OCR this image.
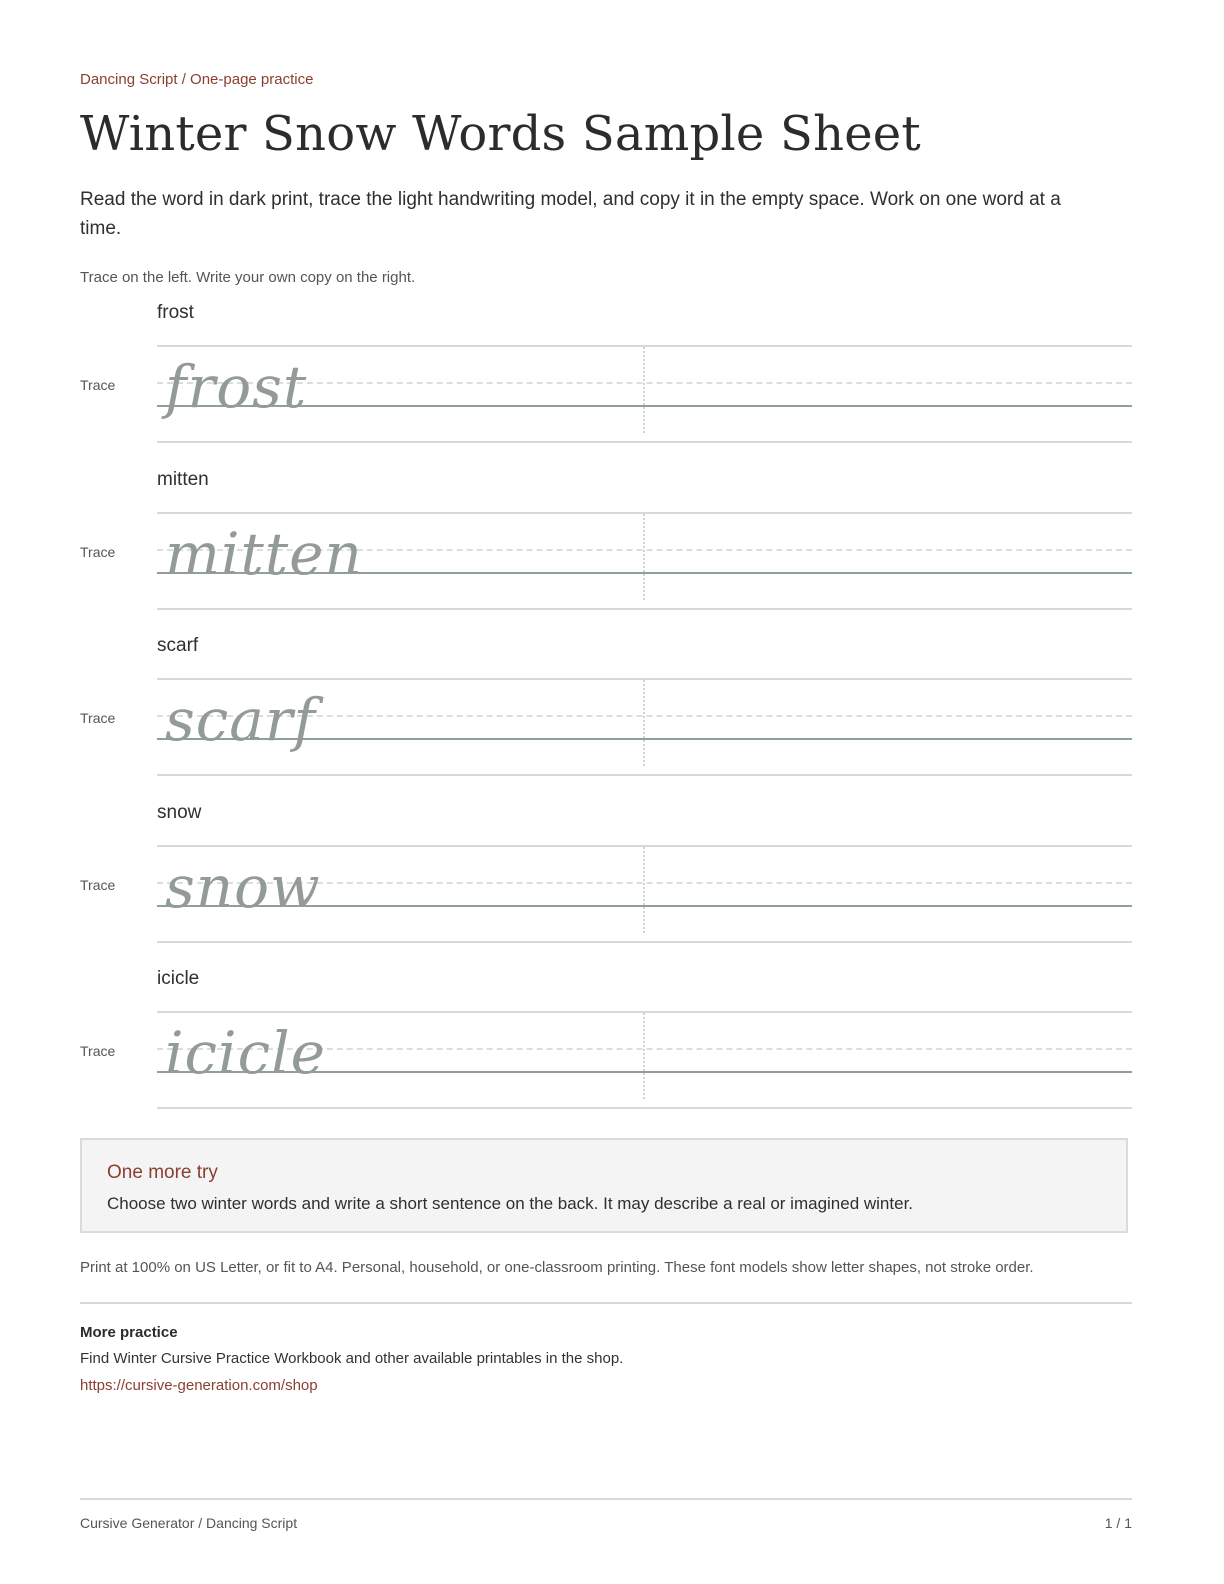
Dancing Script / One-page practice
Winter Snow Words Sample Sheet
Read the word in dark print, trace the light handwriting model, and copy it in the empty space. Work on one word at a time.
Trace on the left. Write your own copy on the right.
frost
Trace frost
mitten
Trace mitten
scarf
Trace scarf
snow
Trace snow
icicle
Trace icicle
One more try
Choose two winter words and write a short sentence on the back. It may describe a real or imagined winter.
Print at 100% on US Letter, or fit to A4. Personal, household, or one-classroom printing. These font models show letter shapes, not stroke order.
More practice
Find Winter Cursive Practice Workbook and other available printables in the shop.
https://cursive-generation.com/shop
Cursive Generator / Dancing Script	1 / 1
